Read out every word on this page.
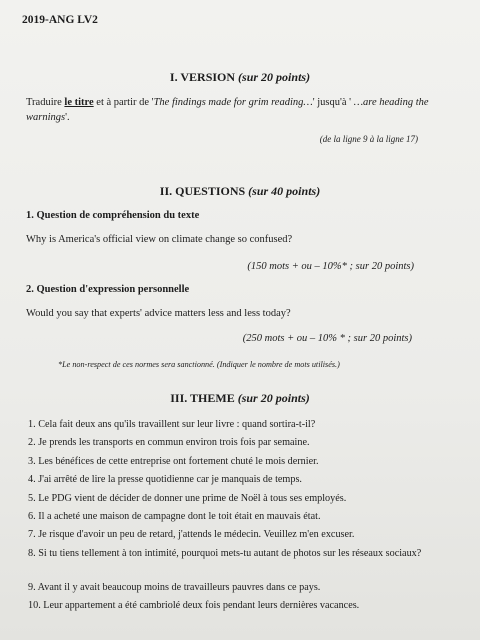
2019-ANG LV2
I. VERSION (sur 20 points)
Traduire le titre et à partir de 'The findings made for grim reading…' jusqu'à ' …are heading the warnings'.
(de la ligne 9 à la ligne 17)
II. QUESTIONS (sur 40 points)
1. Question de compréhension du texte
Why is America's official view on climate change so confused?
(150 mots + ou – 10%* ; sur 20 points)
2. Question d'expression personnelle
Would you say that experts' advice matters less and less today?
(250 mots + ou – 10% * ; sur 20 points)
*Le non-respect de ces normes sera sanctionné. (Indiquer le nombre de mots utilisés.)
III. THEME (sur 20 points)
1. Cela fait deux ans qu'ils travaillent sur leur livre : quand sortira-t-il?
2. Je prends les transports en commun environ trois fois par semaine.
3. Les bénéfices de cette entreprise ont fortement chuté le mois dernier.
4. J'ai arrêté de lire la presse quotidienne car je manquais de temps.
5. Le PDG vient de décider de donner une prime de Noël à tous ses employés.
6. Il a acheté une maison de campagne dont le toit était en mauvais état.
7. Je risque d'avoir un peu de retard, j'attends le médecin. Veuillez m'en excuser.
8. Si tu tiens tellement à ton intimité, pourquoi mets-tu autant de photos sur les réseaux sociaux?
9. Avant il y avait beaucoup moins de travailleurs pauvres dans ce pays.
10. Leur appartement a été cambriolé deux fois pendant leurs dernières vacances.
